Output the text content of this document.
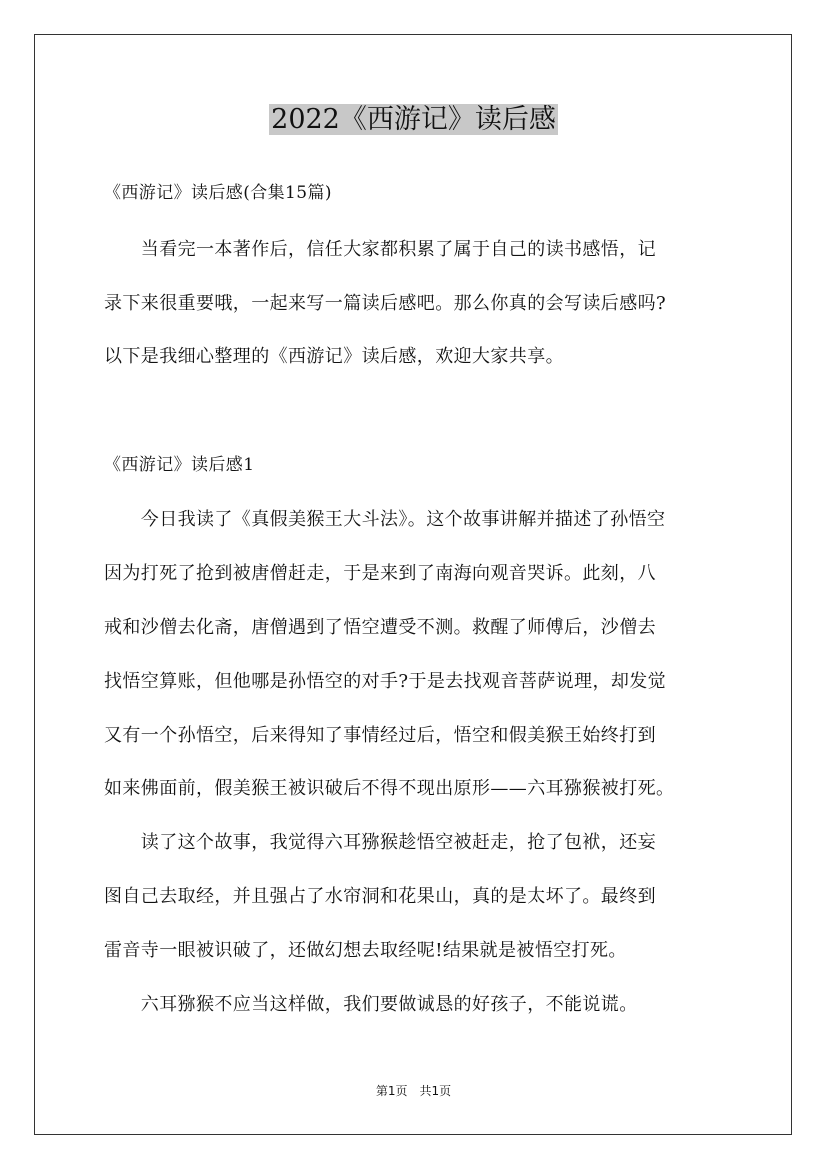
2022《西游记》读后感
《西游记》读后感(合集15篇)
　　当看完一本著作后，信任大家都积累了属于自己的读书感悟，记
录下来很重要哦，一起来写一篇读后感吧。那么你真的会写读后感吗?
以下是我细心整理的《西游记》读后感，欢迎大家共享。
《西游记》读后感1
　　今日我读了《真假美猴王大斗法》。这个故事讲解并描述了孙悟空
因为打死了抢到被唐僧赶走，于是来到了南海向观音哭诉。此刻，八
戒和沙僧去化斋，唐僧遇到了悟空遭受不测。救醒了师傅后，沙僧去
找悟空算账，但他哪是孙悟空的对手?于是去找观音菩萨说理，却发觉
又有一个孙悟空，后来得知了事情经过后，悟空和假美猴王始终打到
如来佛面前，假美猴王被识破后不得不现出原形——六耳猕猴被打死。
　　读了这个故事，我觉得六耳猕猴趁悟空被赶走，抢了包袱，还妄
图自己去取经，并且强占了水帘洞和花果山，真的是太坏了。最终到
雷音寺一眼被识破了，还做幻想去取经呢!结果就是被悟空打死。
　　六耳猕猴不应当这样做，我们要做诚恳的好孩子，不能说谎。
第1页　共1页
